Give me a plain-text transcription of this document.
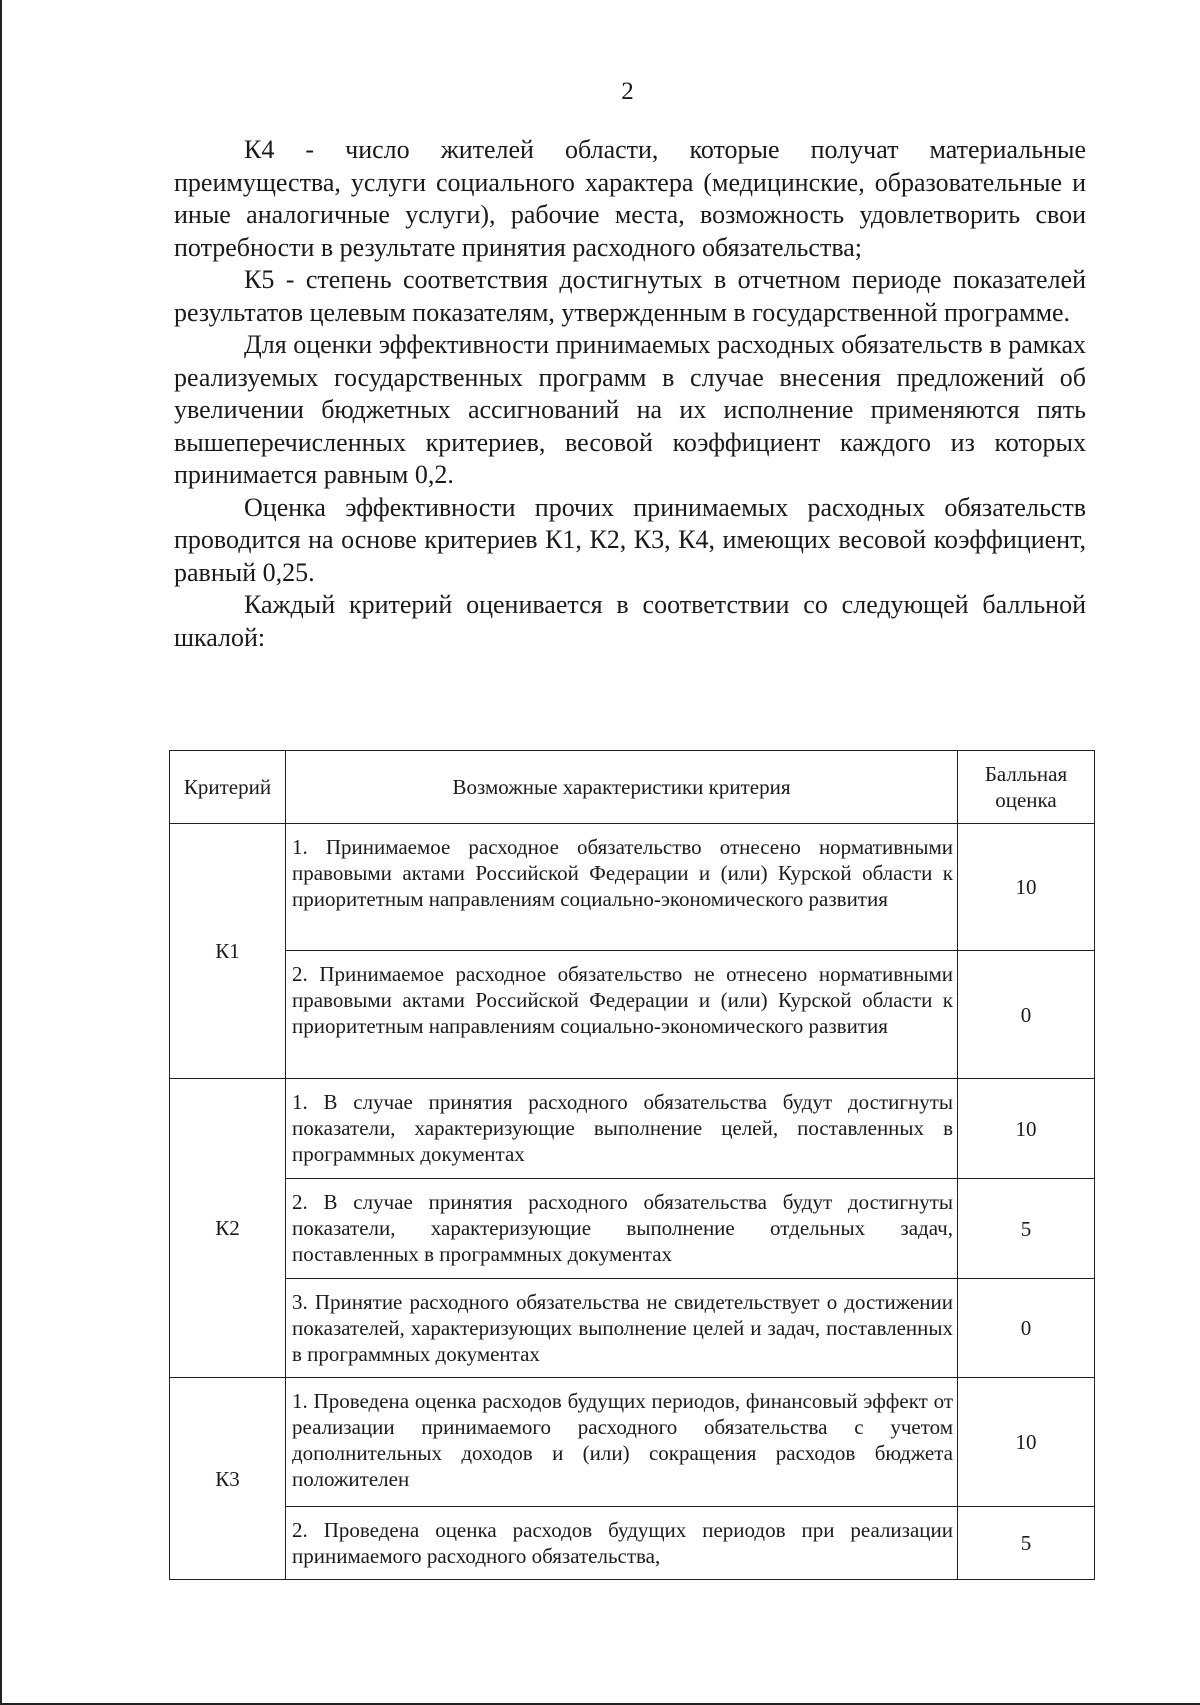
2

К4 - число жителей области, которые получат материальные преимущества, услуги социального характера (медицинские, образовательные и иные аналогичные услуги), рабочие места, возможность удовлетворить свои потребности в результате принятия расходного обязательства;

К5 - степень соответствия достигнутых в отчетном периоде показателей результатов целевым показателям, утвержденным в государственной программе.

Для оценки эффективности принимаемых расходных обязательств в рамках реализуемых государственных программ в случае внесения предложений об увеличении бюджетных ассигнований на их исполнение применяются пять вышеперечисленных критериев, весовой коэффициент каждого из которых принимается равным 0,2.

Оценка эффективности прочих принимаемых расходных обязательств проводится на основе критериев К1, К2, К3, К4, имеющих весовой коэффициент, равный 0,25.

Каждый критерий оценивается в соответствии со следующей балльной шкалой:

Критерий	Возможные характеристики критерия	Балльная оценка
К1	1. Принимаемое расходное обязательство отнесено нормативными правовыми актами Российской Федерации и (или) Курской области к приоритетным направлениям социально-экономического развития	10
	2. Принимаемое расходное обязательство не отнесено нормативными правовыми актами Российской Федерации и (или) Курской области к приоритетным направлениям социально-экономического развития	0
К2	1. В случае принятия расходного обязательства будут достигнуты показатели, характеризующие выполнение целей, поставленных в программных документах	10
	2. В случае принятия расходного обязательства будут достигнуты показатели, характеризующие выполнение отдельных задач, поставленных в программных документах	5
	3. Принятие расходного обязательства не свидетельствует о достижении показателей, характеризующих выполнение целей и задач, поставленных в программных документах	0
К3	1. Проведена оценка расходов будущих периодов, финансовый эффект от реализации принимаемого расходного обязательства с учетом дополнительных доходов и (или) сокращения расходов бюджета положителен	10
	2. Проведена оценка расходов будущих периодов при реализации принимаемого расходного обязательства,	5
